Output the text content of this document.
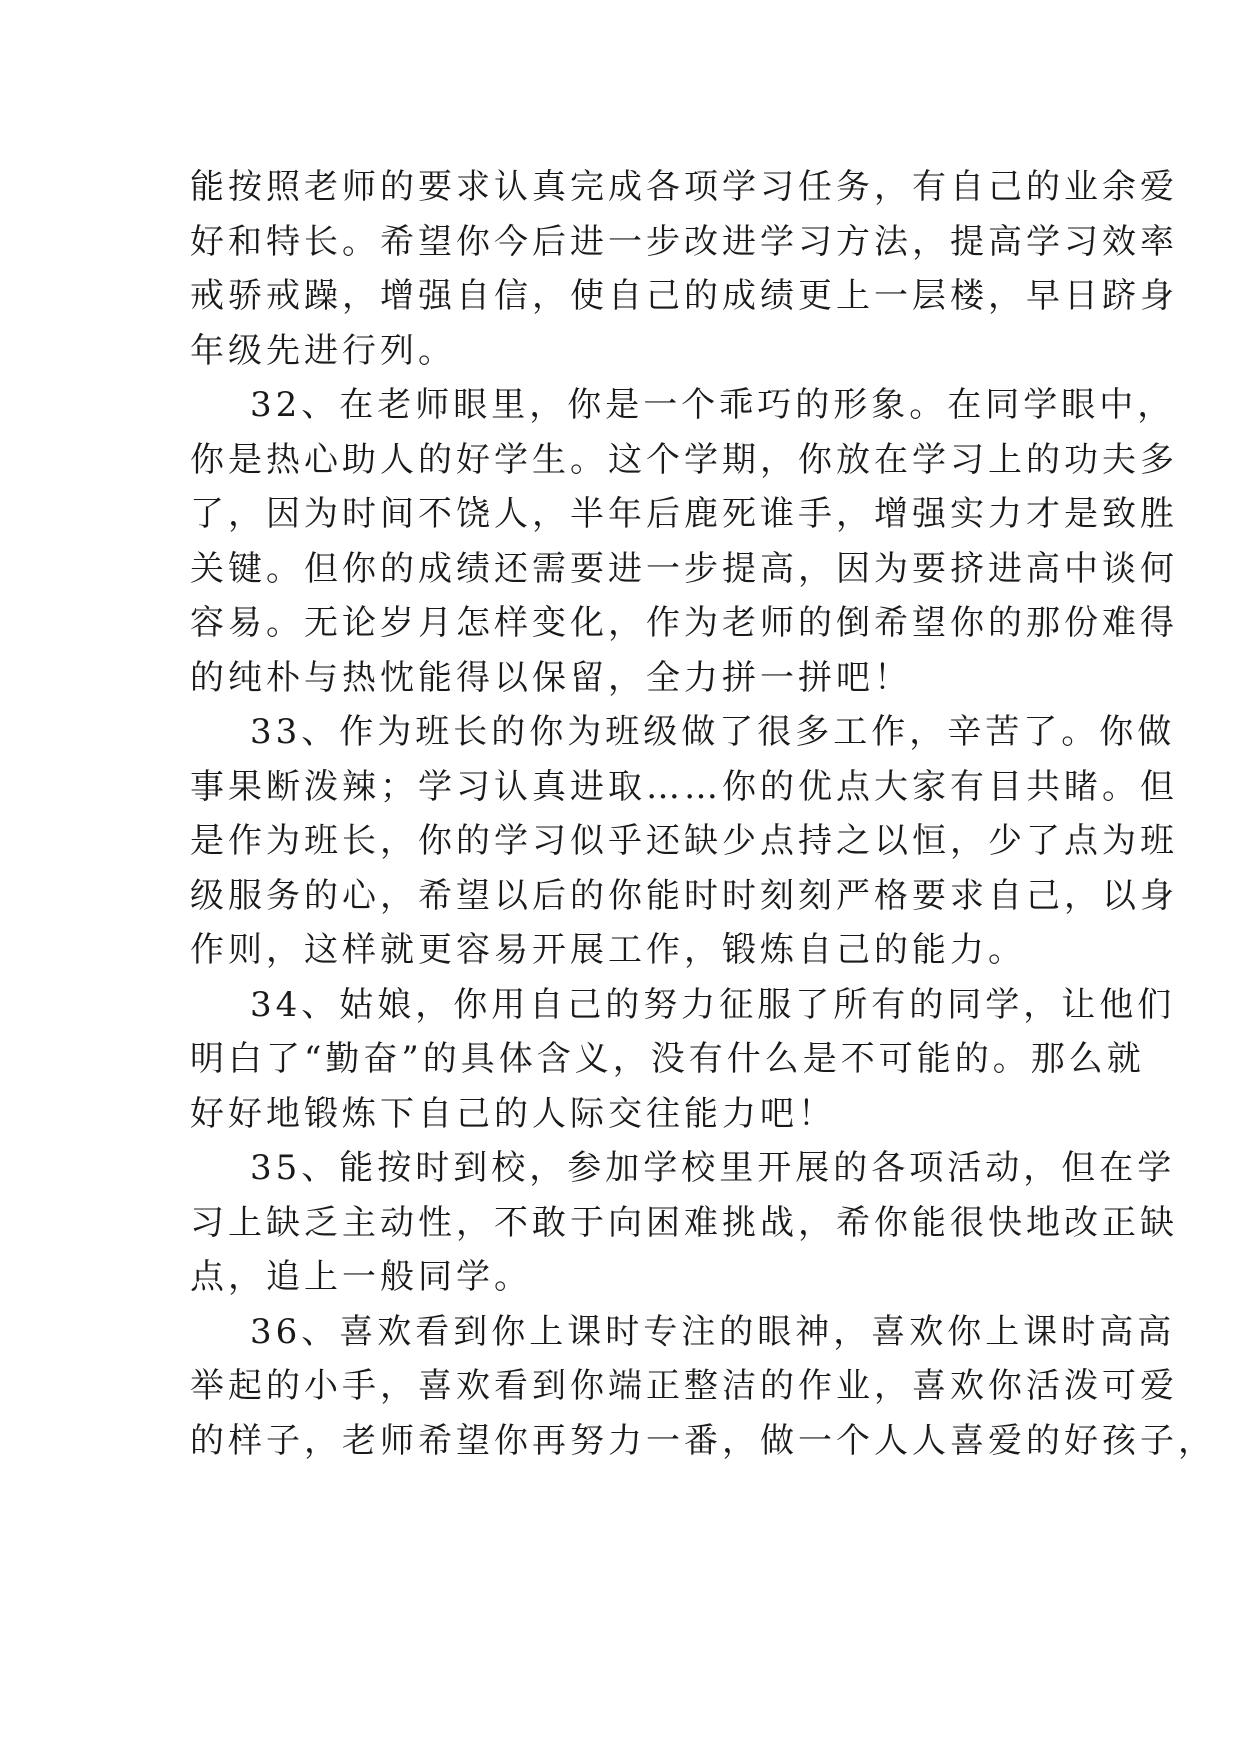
能按照老师的要求认真完成各项学习任务，有自己的业余爱

好和特长。希望你今后进一步改进学习方法，提高学习效率

戒骄戒躁，增强自信，使自己的成绩更上一层楼，早日跻身

年级先进行列。

32、在老师眼里，你是一个乖巧的形象。在同学眼中，

你是热心助人的好学生。这个学期，你放在学习上的功夫多

了，因为时间不饶人，半年后鹿死谁手，增强实力才是致胜

关键。但你的成绩还需要进一步提高，因为要挤进高中谈何

容易。无论岁月怎样变化，作为老师的倒希望你的那份难得

的纯朴与热忱能得以保留，全力拼一拼吧！

33、作为班长的你为班级做了很多工作，辛苦了。你做

事果断泼辣；学习认真进取……你的优点大家有目共睹。但

是作为班长，你的学习似乎还缺少点持之以恒，少了点为班

级服务的心，希望以后的你能时时刻刻严格要求自己，以身

作则，这样就更容易开展工作，锻炼自己的能力。

34、姑娘，你用自己的努力征服了所有的同学，让他们

明白了“勤奋”的具体含义，没有什么是不可能的。那么就

好好地锻炼下自己的人际交往能力吧！

35、能按时到校，参加学校里开展的各项活动，但在学

习上缺乏主动性，不敢于向困难挑战，希你能很快地改正缺

点，追上一般同学。

36、喜欢看到你上课时专注的眼神，喜欢你上课时高高

举起的小手，喜欢看到你端正整洁的作业，喜欢你活泼可爱

的样子，老师希望你再努力一番，做一个人人喜爱的好孩子，
